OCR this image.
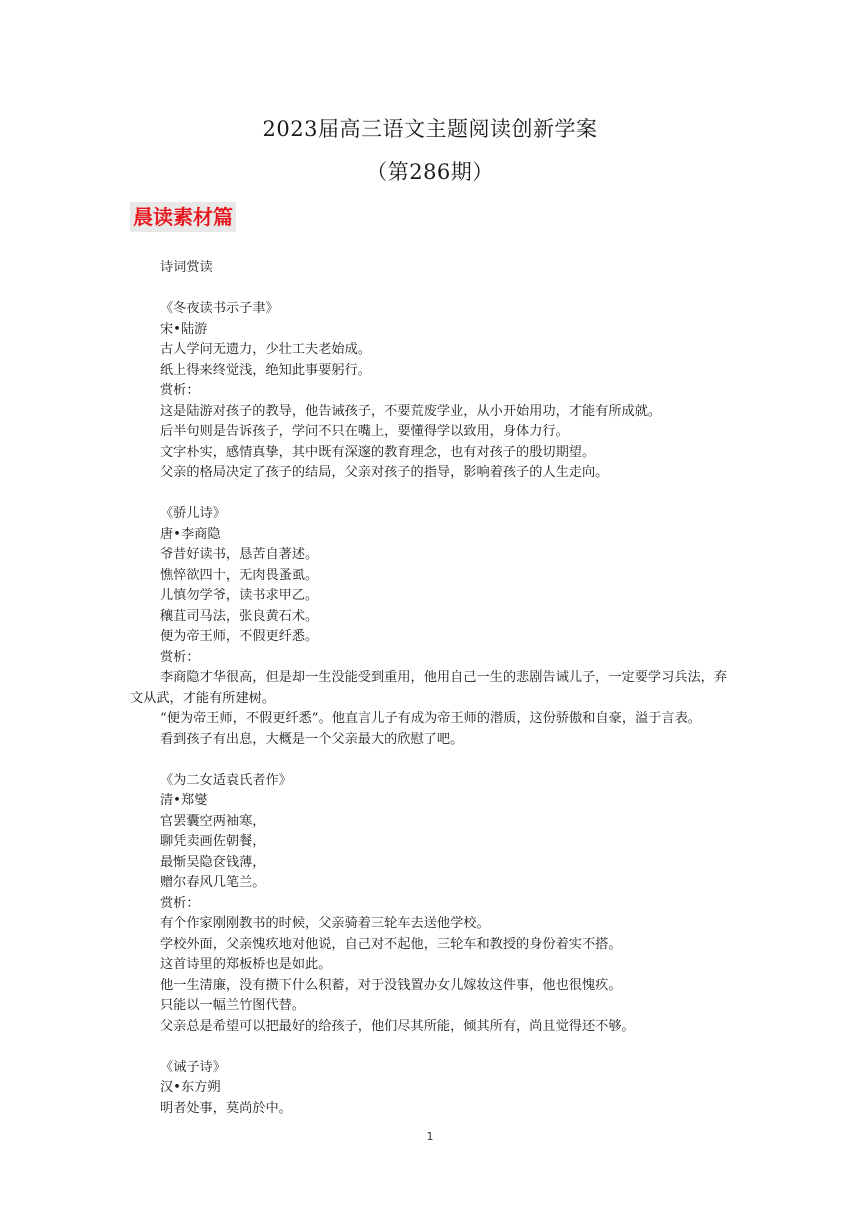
2023届高三语文主题阅读创新学案
（第286期）
晨读素材篇

诗词赏读

《冬夜读书示子聿》

宋•陆游

古人学问无遗力，少壮工夫老始成。

纸上得来终觉浅，绝知此事要躬行。

赏析：

这是陆游对孩子的教导，他告诫孩子，不要荒废学业，从小开始用功，才能有所成就。

后半句则是告诉孩子，学问不只在嘴上，要懂得学以致用，身体力行。

文字朴实，感情真挚，其中既有深邃的教育理念，也有对孩子的殷切期望。

父亲的格局决定了孩子的结局，父亲对孩子的指导，影响着孩子的人生走向。

《骄儿诗》

唐•李商隐

爷昔好读书，恳苦自著述。

憔悴欲四十，无肉畏蚤虱。

儿慎勿学爷，读书求甲乙。

穰苴司马法，张良黄石术。

便为帝王师，不假更纤悉。

赏析：

李商隐才华很高，但是却一生没能受到重用，他用自己一生的悲剧告诫儿子，一定要学习兵法，弃文从武，才能有所建树。

“便为帝王师，不假更纤悉”。他直言儿子有成为帝王师的潜质，这份骄傲和自豪，溢于言表。

看到孩子有出息，大概是一个父亲最大的欣慰了吧。

《为二女适袁氏者作》

清•郑燮

官罢囊空两袖寒，

聊凭卖画佐朝餐，

最惭吴隐奁钱薄，

赠尔春风几笔兰。

赏析：

有个作家刚刚教书的时候，父亲骑着三轮车去送他学校。

学校外面，父亲愧疚地对他说，自己对不起他，三轮车和教授的身份着实不搭。

这首诗里的郑板桥也是如此。

他一生清廉，没有攒下什么积蓄，对于没钱置办女儿嫁妆这件事，他也很愧疚。

只能以一幅兰竹图代替。

父亲总是希望可以把最好的给孩子，他们尽其所能，倾其所有，尚且觉得还不够。

《诫子诗》

汉•东方朔

明者处事，莫尚於中。

1
